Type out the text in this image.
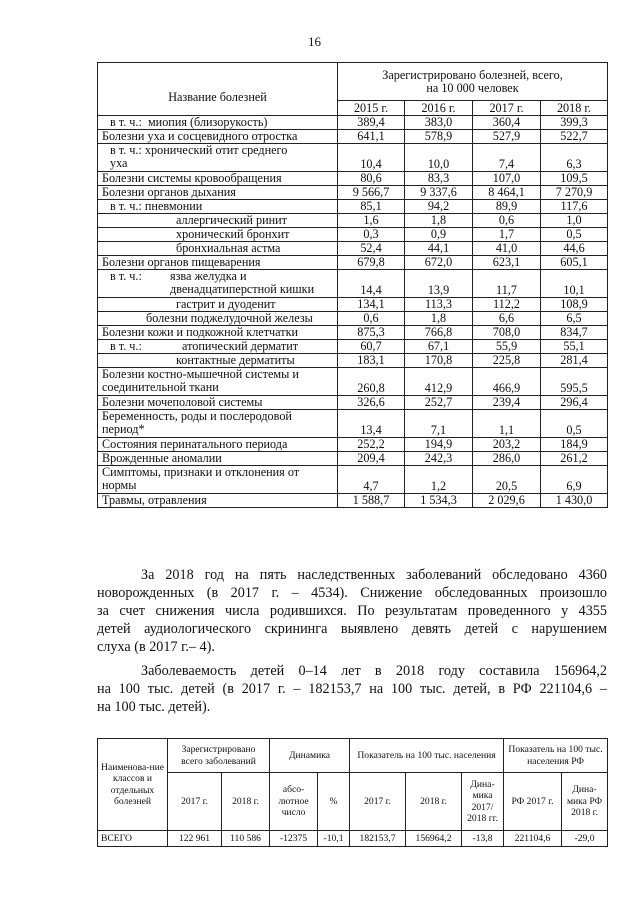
16
Название болезней	Зарегистрировано болезней, всего,
на 10 000 человек			
	2015 г.	2016 г.	2017 г.	2018 г.
в т. ч.: миопия (близорукость)	389,4	383,0	360,4	399,3
Болезни уха и сосцевидного отростка	641,1	578,9	527,9	522,7
в т. ч.: хронический отит среднего
уха	10,4	10,0	7,4	6,3
Болезни системы кровообращения	80,6	83,3	107,0	109,5
Болезни органов дыхания	9 566,7	9 337,6	8 464,1	7 270,9
в т. ч.: пневмонии	85,1	94,2	89,9	117,6
аллергический ринит	1,6	1,8	0,6	1,0
хронический бронхит	0,3	0,9	1,7	0,5
бронхиальная астма	52,4	44,1	41,0	44,6
Болезни органов пищеварения	679,8	672,0	623,1	605,1
в т. ч.: язва желудка и
двенадцатиперстной кишки	14,4	13,9	11,7	10,1
гастрит и дуоденит	134,1	113,3	112,2	108,9
болезни поджелудочной железы	0,6	1,8	6,6	6,5
Болезни кожи и подкожной клетчатки	875,3	766,8	708,0	834,7
в т. ч.: атопический дерматит	60,7	67,1	55,9	55,1
контактные дерматиты	183,1	170,8	225,8	281,4
Болезни костно-мышечной системы и
соединительной ткани	260,8	412,9	466,9	595,5
Болезни мочеполовой системы	326,6	252,7	239,4	296,4
Беременность, роды и послеродовой
период*	13,4	7,1	1,1	0,5
Состояния перинатального периода	252,2	194,9	203,2	184,9
Врожденные аномалии	209,4	242,3	286,0	261,2
Симптомы, признаки и отклонения от
нормы	4,7	1,2	20,5	6,9
Травмы, отравления	1 588,7	1 534,3	2 029,6	1 430,0
За 2018 год на пять наследственных заболеваний обследовано 4360
новорожденных (в 2017 г. – 4534). Снижение обследованных произошло
за счет снижения числа родившихся. По результатам проведенного у 4355
детей аудиологического скрининга выявлено девять детей с нарушением
слуха (в 2017 г.– 4).
Заболеваемость детей 0–14 лет в 2018 году составила 156964,2
на 100 тыс. детей (в 2017 г. – 182153,7 на 100 тыс. детей, в РФ 221104,6 –
на 100 тыс. детей).
Наименова-ние классов и отдельных болезней	Зарегистрировано всего заболеваний		Динамика		Показатель на 100 тыс. населения			Показатель на 100 тыс. населения РФ	
	2017 г.	2018 г.	абсо-лютное число	%	2017 г.	2018 г.	Дина-мика 2017/ 2018 гг.	РФ 2017 г.	Дина-мика РФ 2018 г.
ВСЕГО	122 961	110 586	-12375	-10,1	182153,7	156964,2	-13,8	221104,6	-29,0
